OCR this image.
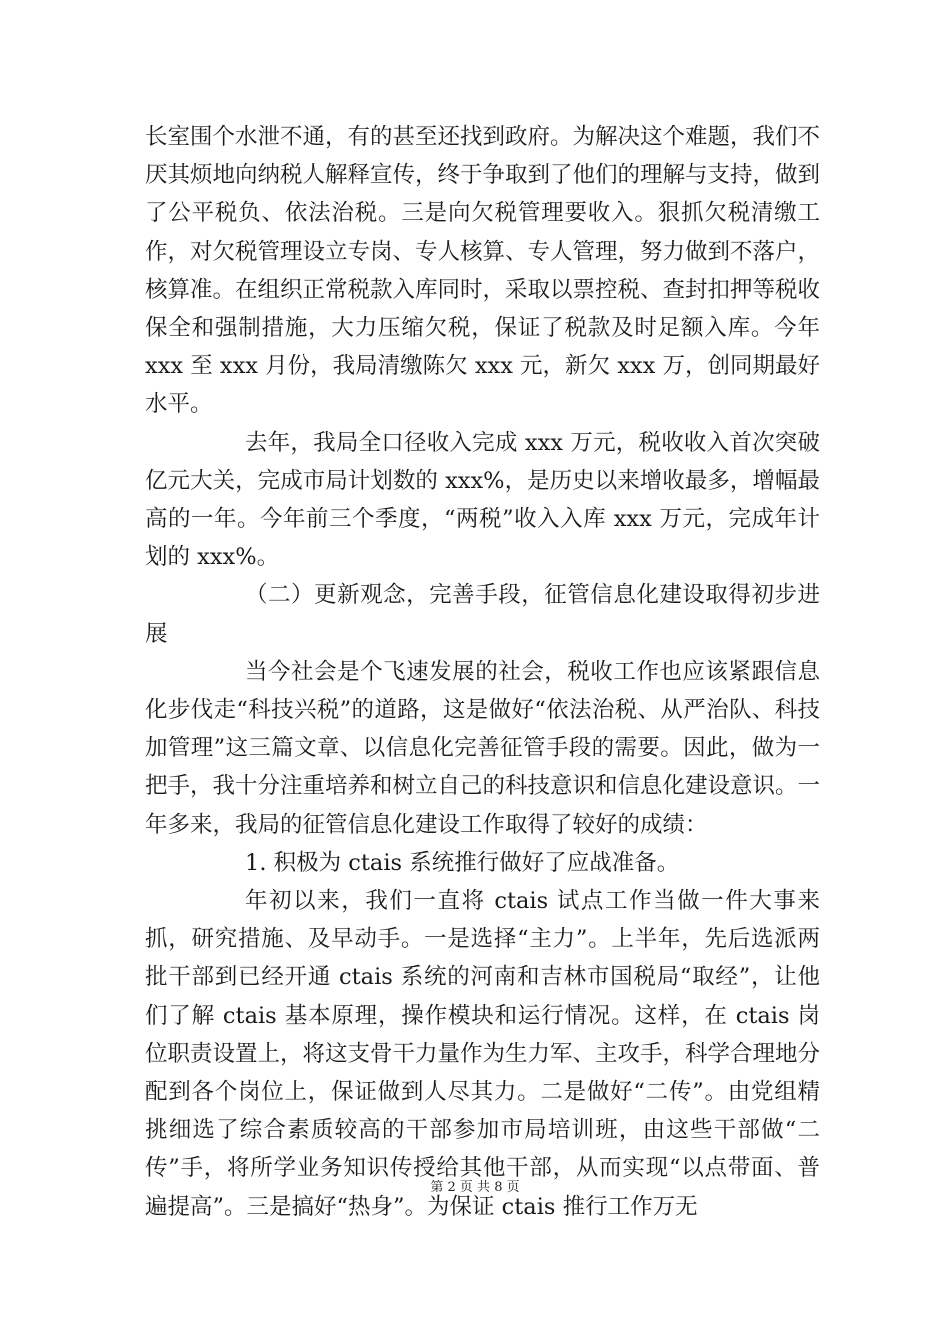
长室围个水泄不通，有的甚至还找到政府。为解决这个难题，我们不厌其烦地向纳税人解释宣传，终于争取到了他们的理解与支持，做到了公平税负、依法治税。三是向欠税管理要收入。狠抓欠税清缴工作，对欠税管理设立专岗、专人核算、专人管理，努力做到不落户，核算准。在组织正常税款入库同时，采取以票控税、查封扣押等税收保全和强制措施，大力压缩欠税，保证了税款及时足额入库。今年 xxx 至 xxx 月份，我局清缴陈欠 xxx 元，新欠 xxx 万，创同期最好水平。

去年，我局全口径收入完成 xxx 万元，税收收入首次突破亿元大关，完成市局计划数的 xxx%，是历史以来增收最多，增幅最高的一年。今年前三个季度，“两税”收入入库 xxx 万元，完成年计划的 xxx%。

（二）更新观念，完善手段，征管信息化建设取得初步进展

当今社会是个飞速发展的社会，税收工作也应该紧跟信息化步伐走“科技兴税”的道路，这是做好“依法治税、从严治队、科技加管理”这三篇文章、以信息化完善征管手段的需要。因此，做为一把手，我十分注重培养和树立自己的科技意识和信息化建设意识。一年多来，我局的征管信息化建设工作取得了较好的成绩：

1. 积极为 ctais 系统推行做好了应战准备。

年初以来，我们一直将 ctais 试点工作当做一件大事来抓，研究措施、及早动手。一是选择“主力”。上半年，先后选派两批干部到已经开通 ctais 系统的河南和吉林市国税局“取经”，让他们了解 ctais 基本原理，操作模块和运行情况。这样，在 ctais 岗位职责设置上，将这支骨干力量作为生力军、主攻手，科学合理地分配到各个岗位上，保证做到人尽其力。二是做好“二传”。由党组精挑细选了综合素质较高的干部参加市局培训班，由这些干部做“二传”手，将所学业务知识传授给其他干部，从而实现“以点带面、普遍提高”。三是搞好“热身”。为保证 ctais 推行工作万无

第 2 页 共 8 页
